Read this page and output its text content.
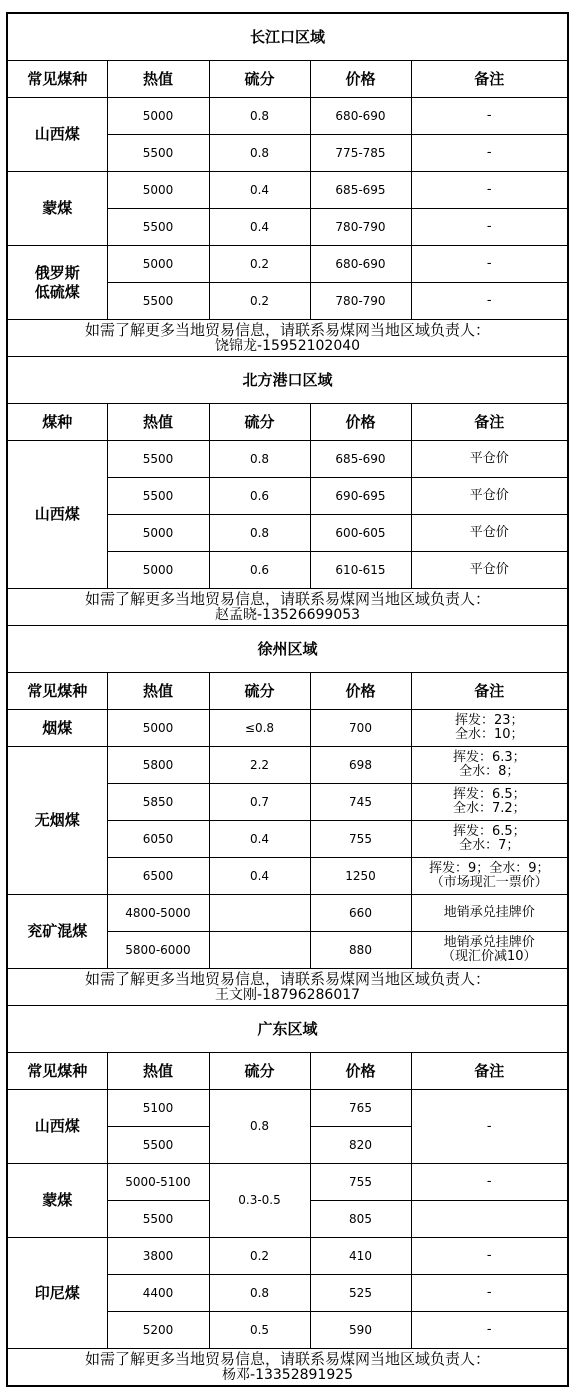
长江口区域				
常见煤种	热值	硫分	价格	备注
山西煤	5000	0.8	680-690	-
	5500	0.8	775-785	-
蒙煤	5000	0.4	685-695	-
	5500	0.4	780-790	-
俄罗斯
低硫煤	5000	0.2	680-690	-
	5500	0.2	780-790	-

如需了解更多当地贸易信息，请联系易煤网当地区域负责人：
饶锦龙-15952102040				

北方港口区域				
煤种	热值	硫分	价格	备注
山西煤	5500	0.8	685-690	平仓价
	5500	0.6	690-695	平仓价
	5000	0.8	600-605	平仓价
	5000	0.6	610-615	平仓价

如需了解更多当地贸易信息，请联系易煤网当地区域负责人：
赵孟晓-13526699053				

徐州区域				
常见煤种	热值	硫分	价格	备注
烟煤	5000	≤0.8	700	挥发：23；
全水：10；
无烟煤	5800	2.2	698	挥发：6.3；
全水：8；
	5850	0.7	745	挥发：6.5；
全水：7.2；
	6050	0.4	755	挥发：6.5；
全水：7；
	6500	0.4	1250	挥发：9；全水：9；
（市场现汇一票价）
兖矿混煤	4800-5000		660	地销承兑挂牌价
	5800-6000		880	地销承兑挂牌价
（现汇价减10）

如需了解更多当地贸易信息，请联系易煤网当地区域负责人：
王文刚-18796286017				

广东区域				
常见煤种	热值	硫分	价格	备注
山西煤	5100	0.8	765	-
	5500		820	
蒙煤	5000-5100	0.3-0.5	755	-
	5500		805	
印尼煤	3800	0.2	410	-
	4400	0.8	525	-
	5200	0.5	590	-

如需了解更多当地贸易信息，请联系易煤网当地区域负责人：
杨邓-13352891925				
